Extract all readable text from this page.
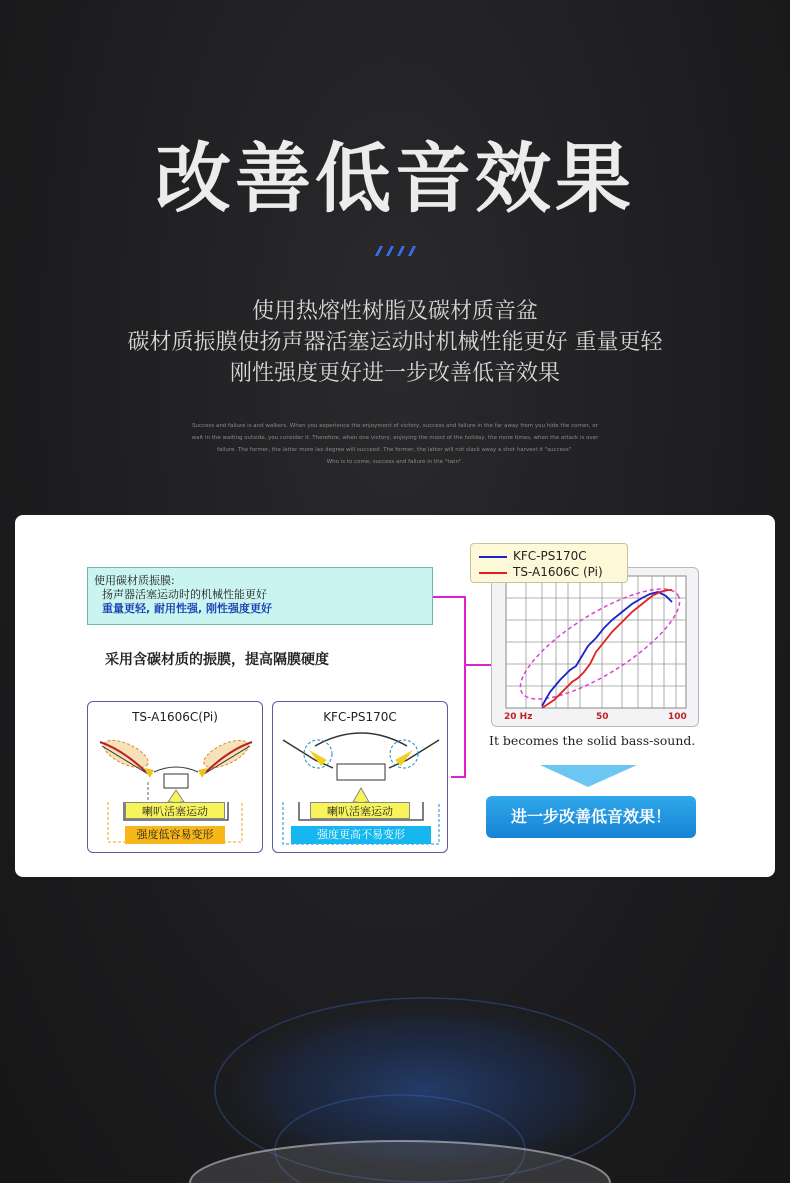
改善低音效果
使用热熔性树脂及碳材质音盆
碳材质振膜使扬声器活塞运动时机械性能更好 重量更轻
刚性强度更好进一步改善低音效果
Success and failure is and walkers. When you experience the enjoyment of victory, success and failure in the far away from you hide the corner, or
wait in the waiting outside, you consider it. Therefore, when one victory, enjoying the mood of the holiday, the more times, when the attack is over
failure. The former, the latter more lax degree will succeed. The former, the latter will not slack away a shot harvest it "success".
Who is to come, success and failure in the "twin".
使用碳材质振膜:
扬声器活塞运动时的机械性能更好
重量更轻, 耐用性强, 刚性强度更好
采用含碳材质的振膜，提高隔膜硬度
TS-A1606C(Pi)
喇叭活塞运动
强度低容易变形
KFC-PS170C
喇叭活塞运动
强度更高不易变形
20 Hz	50	100
KFC-PS170C
TS-A1606C (Pi)
It becomes the solid bass-sound.
进一步改善低音效果！
